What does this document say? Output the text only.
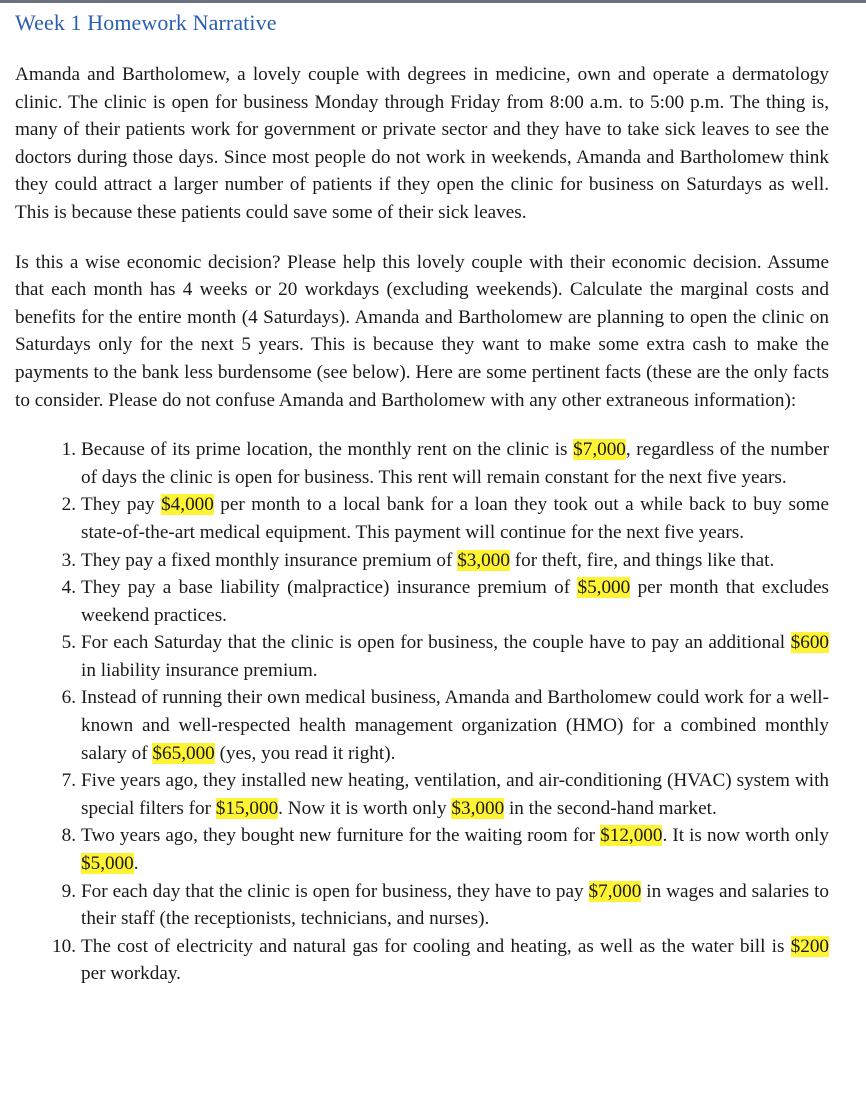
Week 1 Homework Narrative

Amanda and Bartholomew, a lovely couple with degrees in medicine, own and operate a dermatology clinic. The clinic is open for business Monday through Friday from 8:00 a.m. to 5:00 p.m. The thing is, many of their patients work for government or private sector and they have to take sick leaves to see the doctors during those days. Since most people do not work in weekends, Amanda and Bartholomew think they could attract a larger number of patients if they open the clinic for business on Saturdays as well. This is because these patients could save some of their sick leaves.

Is this a wise economic decision? Please help this lovely couple with their economic decision. Assume that each month has 4 weeks or 20 workdays (excluding weekends). Calculate the marginal costs and benefits for the entire month (4 Saturdays). Amanda and Bartholomew are planning to open the clinic on Saturdays only for the next 5 years. This is because they want to make some extra cash to make the payments to the bank less burdensome (see below). Here are some pertinent facts (these are the only facts to consider. Please do not confuse Amanda and Bartholomew with any other extraneous information):

1. Because of its prime location, the monthly rent on the clinic is $7,000, regardless of the number of days the clinic is open for business. This rent will remain constant for the next five years.
2. They pay $4,000 per month to a local bank for a loan they took out a while back to buy some state-of-the-art medical equipment. This payment will continue for the next five years.
3. They pay a fixed monthly insurance premium of $3,000 for theft, fire, and things like that.
4. They pay a base liability (malpractice) insurance premium of $5,000 per month that excludes weekend practices.
5. For each Saturday that the clinic is open for business, the couple have to pay an additional $600 in liability insurance premium.
6. Instead of running their own medical business, Amanda and Bartholomew could work for a well-known and well-respected health management organization (HMO) for a combined monthly salary of $65,000 (yes, you read it right).
7. Five years ago, they installed new heating, ventilation, and air-conditioning (HVAC) system with special filters for $15,000. Now it is worth only $3,000 in the second-hand market.
8. Two years ago, they bought new furniture for the waiting room for $12,000. It is now worth only $5,000.
9. For each day that the clinic is open for business, they have to pay $7,000 in wages and salaries to their staff (the receptionists, technicians, and nurses).
10. The cost of electricity and natural gas for cooling and heating, as well as the water bill is $200 per workday.
